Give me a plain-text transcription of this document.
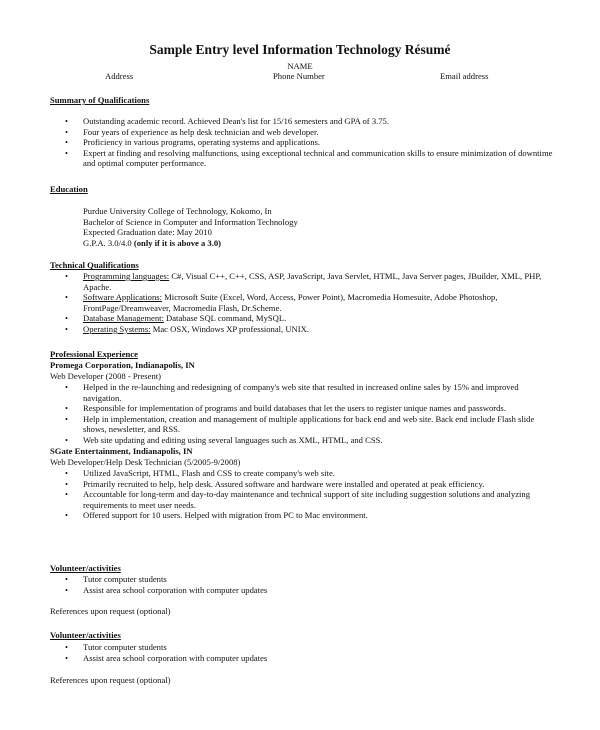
Sample Entry level Information Technology Résumé
NAME
Address	Phone Number	Email address
Summary of Qualifications
• Outstanding academic record. Achieved Dean's list for 15/16 semesters and GPA of 3.75.
• Four years of experience as help desk technician and web developer.
• Proficiency in various programs, operating systems and applications.
• Expert at finding and resolving malfunctions, using exceptional technical and communication skills to ensure minimization of downtime and optimal computer performance.
Education
Purdue University College of Technology, Kokomo, In
Bachelor of Science in Computer and Information Technology
Expected Graduation date: May 2010
G.P.A. 3.0/4.0 (only if it is above a 3.0)
Technical Qualifications
• Programming languages: C#, Visual C++, C++, CSS, ASP, JavaScript, Java Servlet, HTML, Java Server pages, JBuilder, XML, PHP, Apache.
• Software Applications: Microsoft Suite (Excel, Word, Access, Power Point), Macromedia Homesuite, Adobe Photoshop, FrontPage/Dreamweaver, Macromedia Flash, Dr.Scheme.
• Database Management: Database SQL command, MySQL.
• Operating Systems: Mac OSX, Windows XP professional, UNIX.
Professional Experience
Promega Corporation, Indianapolis, IN
Web Developer (2008 - Present)
• Helped in the re-launching and redesigning of company's web site that resulted in increased online sales by 15% and improved navigation.
• Responsible for implementation of programs and build databases that let the users to register unique names and passwords.
• Help in implementation, creation and management of multiple applications for back end and web site. Back end include Flash slide shows, newsletter, and RSS.
• Web site updating and editing using several languages such as XML, HTML, and CSS.
SGate Entertainment, Indianapolis, IN
Web Developer/Help Desk Technician (5/2005-9/2008)
• Utilized JavaScript, HTML, Flash and CSS to create company's web site.
• Primarily recruited to help, help desk. Assured software and hardware were installed and operated at peak efficiency.
• Accountable for long-term and day-to-day maintenance and technical support of site including suggestion solutions and analyzing requirements to meet user needs.
• Offered support for 10 users. Helped with migration from PC to Mac environment.
Volunteer/activities
• Tutor computer students
• Assist area school corporation with computer updates
References upon request (optional)
Volunteer/activities
• Tutor computer students
• Assist area school corporation with computer updates
References upon request (optional)
